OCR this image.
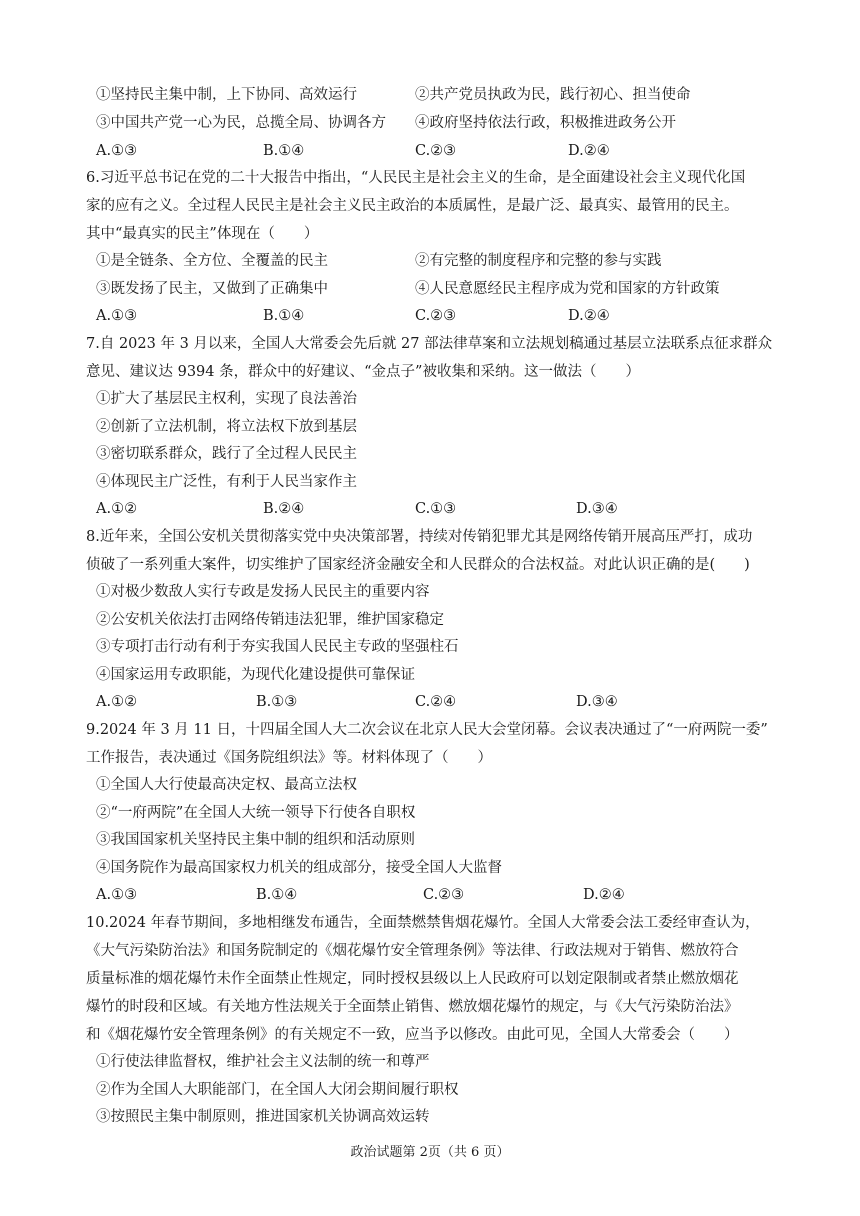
①坚持民主集中制，上下协同、高效运行	②共产党员执政为民，践行初心、担当使命
③中国共产党一心为民，总揽全局、协调各方 ④政府坚持依法行政，积极推进政务公开
A.①③	B.①④	C.②③	D.②④
6.习近平总书记在党的二十大报告中指出，“人民民主是社会主义的生命，是全面建设社会主义现代化国
家的应有之义。全过程人民民主是社会主义民主政治的本质属性，是最广泛、最真实、最管用的民主。
其中“最真实的民主”体现在（　　）
①是全链条、全方位、全覆盖的民主	②有完整的制度程序和完整的参与实践
③既发扬了民主，又做到了正确集中	④人民意愿经民主程序成为党和国家的方针政策
A.①③	B.①④	C.②③	D.②④
7.自 2023 年 3 月以来，全国人大常委会先后就 27 部法律草案和立法规划稿通过基层立法联系点征求群众
意见、建议达 9394 条，群众中的好建议、“金点子”被收集和采纳。这一做法（　　）
①扩大了基层民主权利，实现了良法善治
②创新了立法机制，将立法权下放到基层
③密切联系群众，践行了全过程人民民主
④体现民主广泛性，有利于人民当家作主
A.①②	B.②④	C.①③	D.③④
8.近年来，全国公安机关贯彻落实党中央决策部署，持续对传销犯罪尤其是网络传销开展高压严打，成功
侦破了一系列重大案件，切实维护了国家经济金融安全和人民群众的合法权益。对此认识正确的是(　　)
①对极少数敌人实行专政是发扬人民民主的重要内容
②公安机关依法打击网络传销违法犯罪，维护国家稳定
③专项打击行动有利于夯实我国人民民主专政的坚强柱石
④国家运用专政职能，为现代化建设提供可靠保证
A.①②	B.①③	C.②④	D.③④
9.2024 年 3 月 11 日，十四届全国人大二次会议在北京人民大会堂闭幕。会议表决通过了“一府两院一委”
工作报告，表决通过《国务院组织法》等。材料体现了（　　）
①全国人大行使最高决定权、最高立法权
②“一府两院”在全国人大统一领导下行使各自职权
③我国国家机关坚持民主集中制的组织和活动原则
④国务院作为最高国家权力机关的组成部分，接受全国人大监督
A.①③	B.①④	C.②③	D.②④
10.2024 年春节期间，多地相继发布通告，全面禁燃禁售烟花爆竹。全国人大常委会法工委经审查认为，
《大气污染防治法》和国务院制定的《烟花爆竹安全管理条例》等法律、行政法规对于销售、燃放符合
质量标准的烟花爆竹未作全面禁止性规定，同时授权县级以上人民政府可以划定限制或者禁止燃放烟花
爆竹的时段和区域。有关地方性法规关于全面禁止销售、燃放烟花爆竹的规定，与《大气污染防治法》
和《烟花爆竹安全管理条例》的有关规定不一致，应当予以修改。由此可见，全国人大常委会（　　）
①行使法律监督权，维护社会主义法制的统一和尊严
②作为全国人大职能部门，在全国人大闭会期间履行职权
③按照民主集中制原则，推进国家机关协调高效运转
政治试题第 2页（共 6 页）
